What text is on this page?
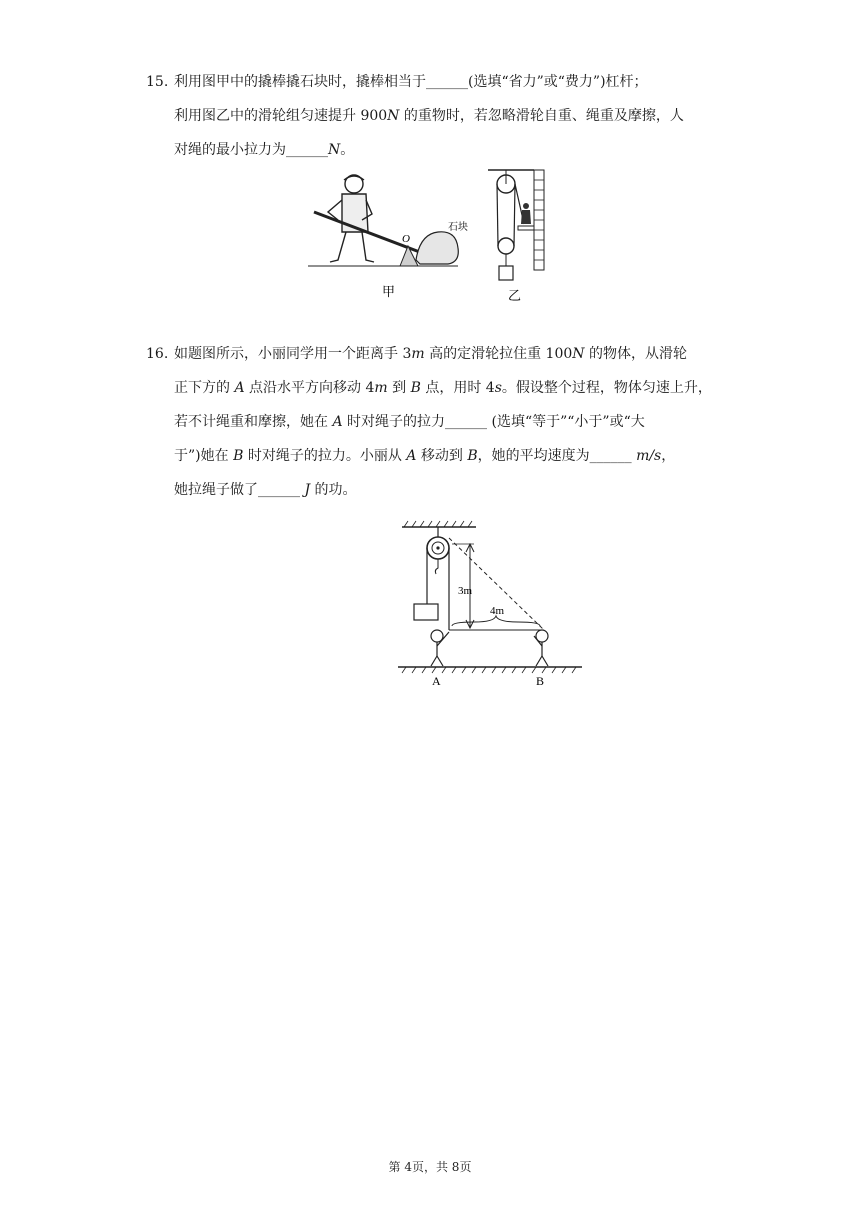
15. 利用图甲中的撬棒撬石块时，撬棒相当于______(选填“省力”或“费力”)杠杆；
利用图乙中的滑轮组匀速提升 900N 的重物时，若忽略滑轮自重、绳重及摩擦，人
对绳的最小拉力为______N。
O
石块
甲	乙
16. 如题图所示，小丽同学用一个距离手 3m 高的定滑轮拉住重 100N 的物体，从滑轮
正下方的 A 点沿水平方向移动 4m 到 B 点，用时 4s。假设整个过程，物体匀速上升，
若不计绳重和摩擦，她在 A 时对绳子的拉力______ (选填“等于”“小于”或“大
于”)她在 B 时对绳子的拉力。小丽从 A 移动到 B，她的平均速度为______ m/s，
她拉绳子做了______ J 的功。
3m
4m
A	B
第 4页，共 8页
